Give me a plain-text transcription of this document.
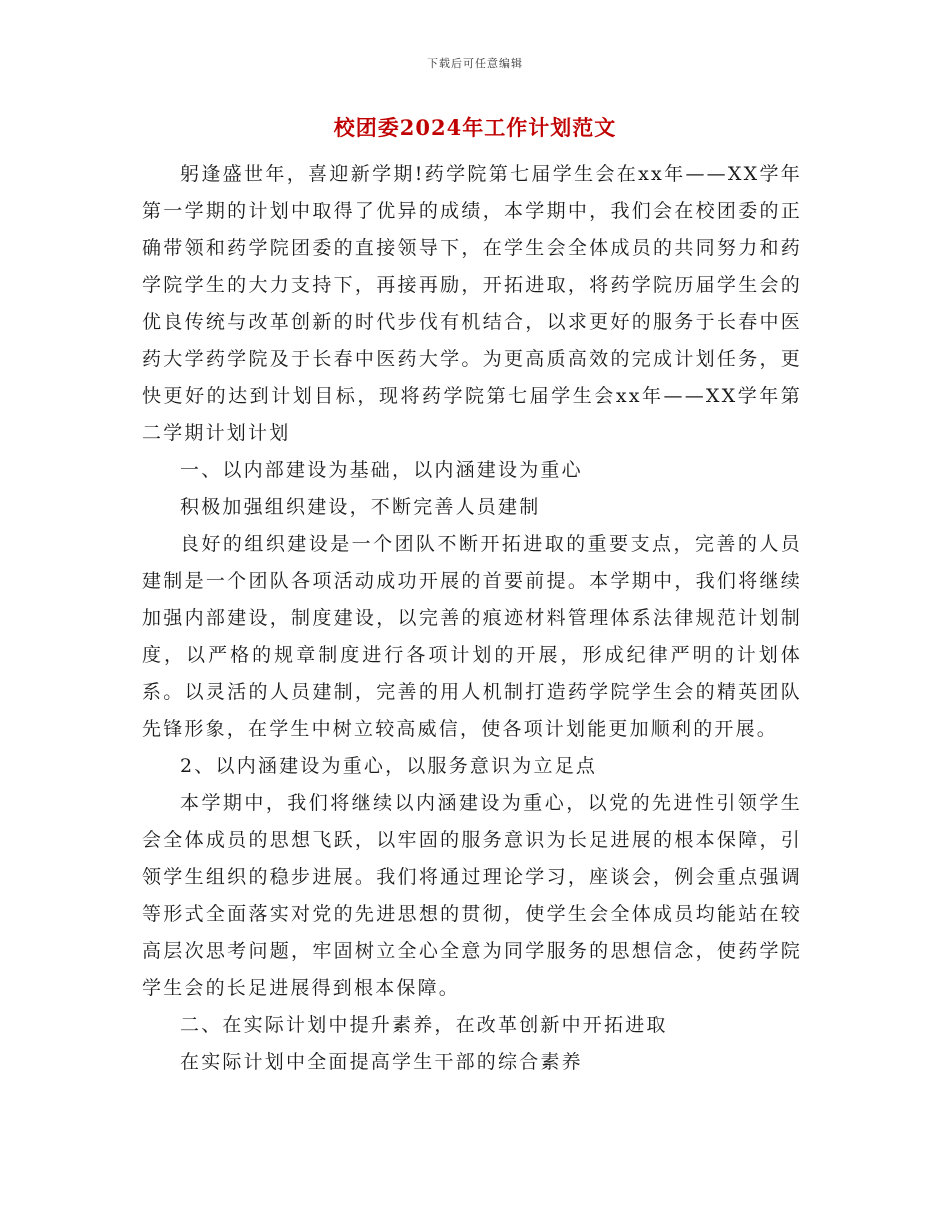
下载后可任意编辑
校团委2024年工作计划范文

躬逢盛世年，喜迎新学期!药学院第七届学生会在xx年——XX学年第一学期的计划中取得了优异的成绩，本学期中，我们会在校团委的正确带领和药学院团委的直接领导下，在学生会全体成员的共同努力和药学院学生的大力支持下，再接再励，开拓进取，将药学院历届学生会的优良传统与改革创新的时代步伐有机结合，以求更好的服务于长春中医药大学药学院及于长春中医药大学。为更高质高效的完成计划任务，更快更好的达到计划目标，现将药学院第七届学生会xx年——XX学年第二学期计划计划

一、以内部建设为基础，以内涵建设为重心

积极加强组织建设，不断完善人员建制

良好的组织建设是一个团队不断开拓进取的重要支点，完善的人员建制是一个团队各项活动成功开展的首要前提。本学期中，我们将继续加强内部建设，制度建设，以完善的痕迹材料管理体系法律规范计划制度，以严格的规章制度进行各项计划的开展，形成纪律严明的计划体系。以灵活的人员建制，完善的用人机制打造药学院学生会的精英团队先锋形象，在学生中树立较高威信，使各项计划能更加顺利的开展。

2、以内涵建设为重心，以服务意识为立足点

本学期中，我们将继续以内涵建设为重心，以党的先进性引领学生会全体成员的思想飞跃，以牢固的服务意识为长足进展的根本保障，引领学生组织的稳步进展。我们将通过理论学习，座谈会，例会重点强调等形式全面落实对党的先进思想的贯彻，使学生会全体成员均能站在较高层次思考问题，牢固树立全心全意为同学服务的思想信念，使药学院学生会的长足进展得到根本保障。

二、在实际计划中提升素养，在改革创新中开拓进取

在实际计划中全面提高学生干部的综合素养
